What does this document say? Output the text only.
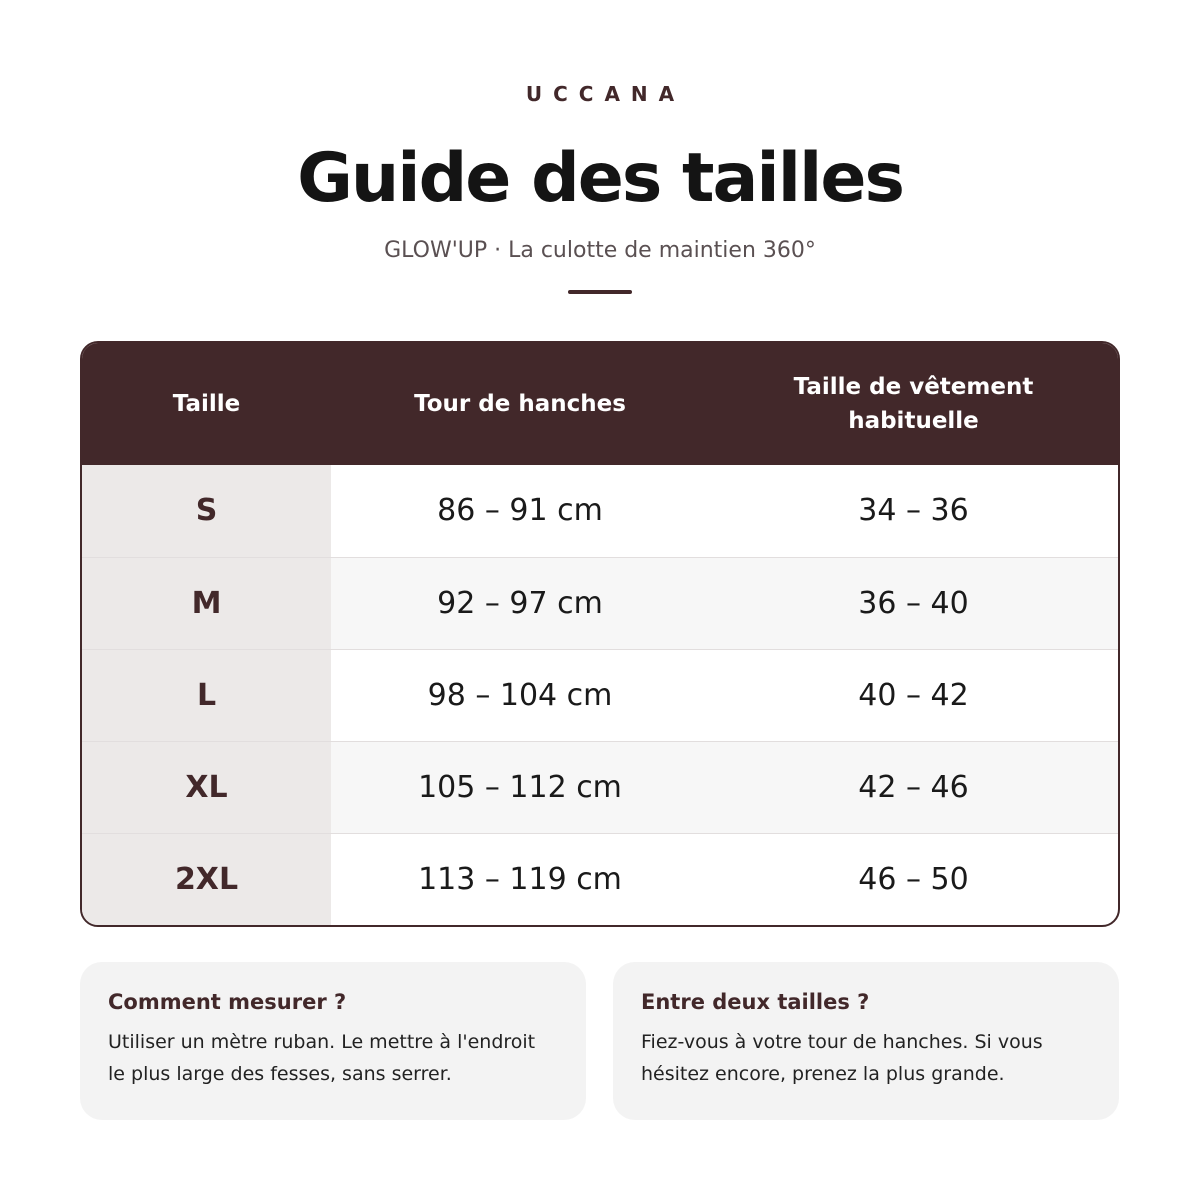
UCCANA
Guide des tailles
GLOW'UP · La culotte de maintien 360°
Taille	Tour de hanches	Taille de vêtement habituelle
S	86 – 91 cm	34 – 36
M	92 – 97 cm	36 – 40
L	98 – 104 cm	40 – 42
XL	105 – 112 cm	42 – 46
2XL	113 – 119 cm	46 – 50
Comment mesurer ?
Utiliser un mètre ruban. Le mettre à l'endroit le plus large des fesses, sans serrer.
Entre deux tailles ?
Fiez-vous à votre tour de hanches. Si vous hésitez encore, prenez la plus grande.
